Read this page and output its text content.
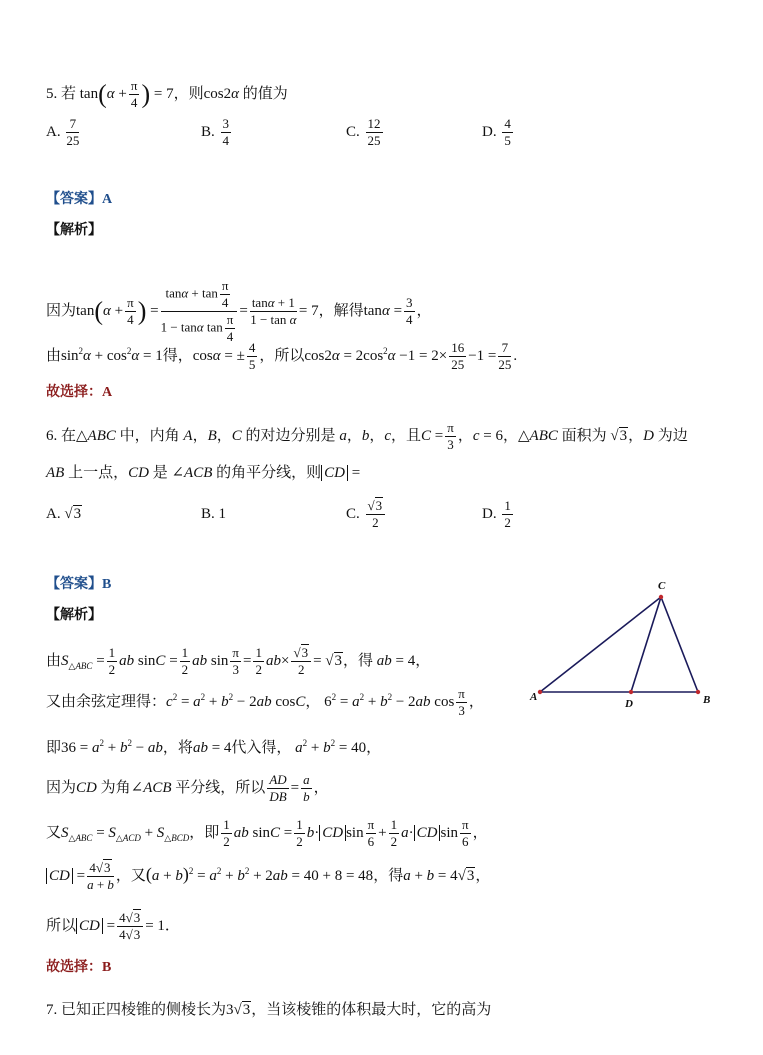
5. 若 $\tan(\alpha + \frac{\pi}{4}$ ) = 7，则cos2α 的值为
A. $\frac{7}{25}$	B. $\frac{3}{4}$	C. $\frac{12}{25}$	D. $\frac{4}{5}$
【答案】A
【解析】
因为$\tan(\alpha + \frac{\pi}{4}$ ) = $\frac{\tan\alpha + \tan \frac{\pi}{4}}{1 - \tan\alpha \tan \frac{\pi}{4}} = \frac{\tan\alpha + 1}{\text{1 − tan α}} = 7$，解得$\tan\alpha = \frac{3}{4}$ ，
由$\sin^2\alpha + \cos^2\alpha = 1$得，cosα = ± $\frac{4}{5}$ ，所以$\cos 2\alpha = 2\cos^2\alpha -1 = 2\times \frac{16}{25} -1 = \frac{7}{25}$ .
故选择：A
6. 在△ABC 中，内角 A，B，C 的对边分别是 a，b，c，且$C = \frac{\pi}{3}$ ，c = 6，△ABC 面积为 √3，D 为边
AB 上一点，CD 是 ∠ACB 的角平分线，则 CD =
A. √3	B. 1	C. $\frac{√3}{2}$	D. $\frac{1}{2}$
【答案】B
【解析】
由$S_{\triangle ABC} = \frac{1}{2}$ ab $\sin C = \frac{1}{2}$ ab $\sin \frac{\pi}{3} = \frac{1}{2} ab\times \frac{√3}{2} = √3$，得 ab = 4，
又由余弦定理得：$c^2 = a^2 + b^2 - 2ab$ cosC， $6^2 = a^2 + b^2 - 2ab$ $\cos \frac{\pi}{3}$ ，
即$36 = a^2 + b^2$ − ab，将ab = 4代入得， $a^2 + b^2 = 40$，
因为CD 为角∠ACB 平分线，所以 $\frac{AD}{DB} = \frac{a}{b}$ ，
又$S_{\triangle ABC} = S_{\triangle ACD} + S_{\triangle BCD}$，即 $\frac{1}{2}$ ab $\sin C = \frac{1}{2} b\cdot$ CD $\sin \frac{\pi}{6} + \frac{1}{2} a\cdot$ CD $\sin \frac{\pi}{6}$ ，
CD = $\frac{4√3}{a + b}$ ，又$(a + b)^2 = a^2 + b^2 + 2ab = 40 + 8 = 48$，得a + b = 4√3，
所以 CD = $\frac{4√3}{4√3} = 1$．
故选择：B
A
C
B
D
7. 已知正四棱锥的侧棱长为3√3，当该棱锥的体积最大时，它的高为
